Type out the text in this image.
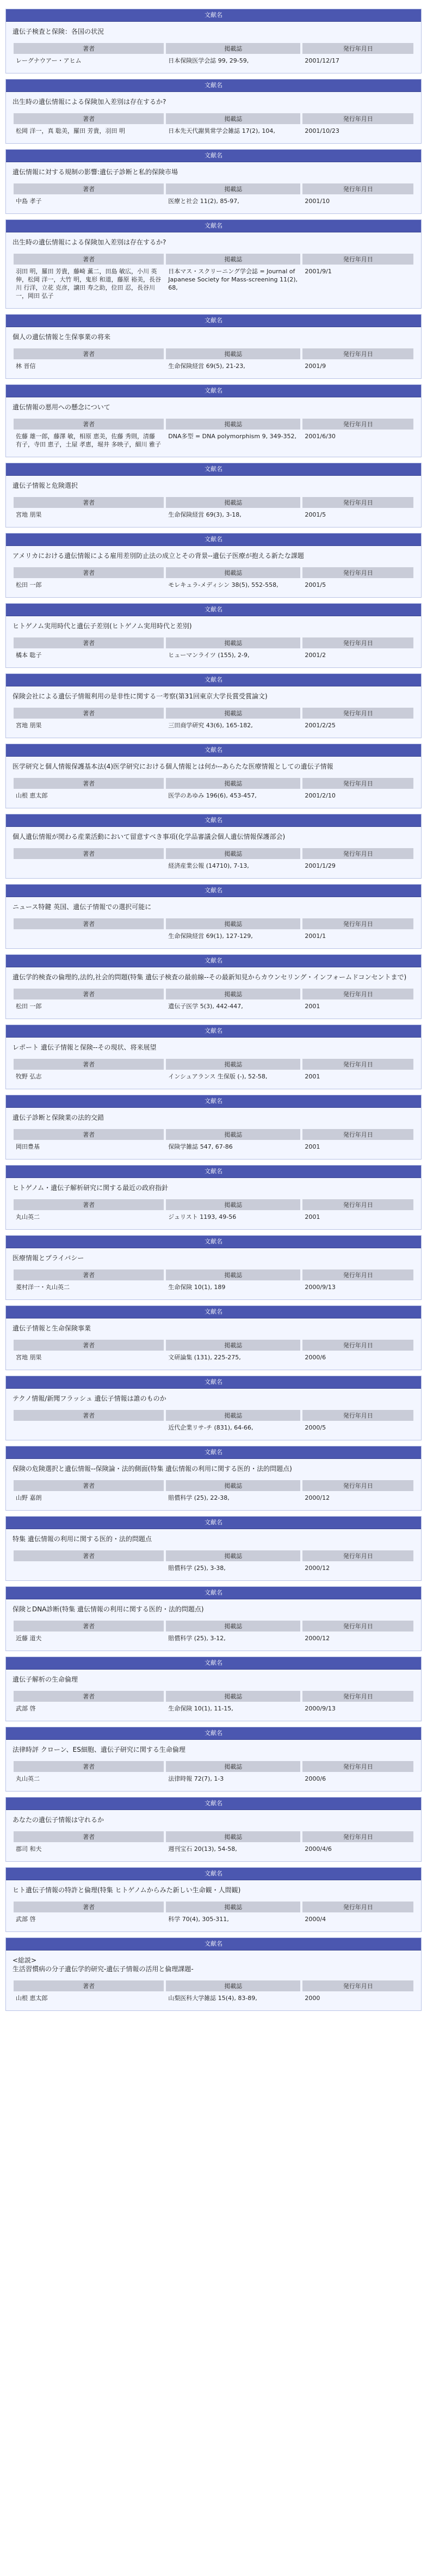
文献名
遺伝子検査と保険：各国の状況
著者	掲載誌	発行年月日
レーグナウアー・アヒム	日本保険医学会誌 99, 29-59,	2001/12/17
文献名
出生時の遺伝情報による保険加入差別は存在するか?
著者	掲載誌	発行年月日
松岡 洋一，真 聡美，羅田 芳貴，羽田 明	日本先天代謝異常学会雑誌 17(2), 104,	2001/10/23
文献名
遺伝情報に対する規制の影響:遺伝子診断と私的保険市場
著者	掲載誌	発行年月日
中島 孝子	医療と社会 11(2), 85-97,	2001/10
文献名
出生時の遺伝情報による保険加入差別は存在するか?
著者	掲載誌	発行年月日
羽田 明，羅田 芳貴，藤崎 薫二，田島 敏広，小川 英伸，松岡 洋一，大竹 明，鬼形 和道，藤原 裕美，長谷川 行洋，立花 克彦，譲田 寿之助，位田 忍，長谷川 一，岡田 弘子	日本マス・スクリーニング学会誌 = Journal of Japanese Society for Mass-screening 11(2), 68,	2001/9/1
文献名
個人の遺伝情報と生保事業の将来
著者	掲載誌	発行年月日
林 晋信	生命保険経営 69(5), 21-23,	2001/9
文献名
遺伝情報の悪用への懸念について
著者	掲載誌	発行年月日
佐藤 雄一郎，藤澤 敏，相原 恵美，佐藤 秀則，清藤 有子，寺田 恵子，土屋 孝恵，堀井 多映子，細川 雅子	DNA多型 = DNA polymorphism 9, 349-352,	2001/6/30
文献名
遺伝子情報と危険選択
著者	掲載誌	発行年月日
宮地 朋果	生命保険経営 69(3), 3-18,	2001/5
文献名
アメリカにおける遺伝情報による雇用差別防止法の成立とその背景--遺伝子医療が抱える新たな課題
著者	掲載誌	発行年月日
松田 一郎	モレキュラ-メディシン 38(5), 552-558,	2001/5
文献名
ヒトゲノム実用時代と遺伝子差別(ヒトゲノム実用時代と差別)
著者	掲載誌	発行年月日
橘本 聡子	ヒューマンライツ (155), 2-9,	2001/2
文献名
保険会社による遺伝子情報利用の是非性に関する一考察(第31回東京大学長賞受賞論文)
著者	掲載誌	発行年月日
宮地 朋果	三田商学研究 43(6), 165-182,	2001/2/25
文献名
医学研究と個人情報保護基本法(4)医学研究における個人情報とは何か--あらたな医療情報としての遺伝子情報
著者	掲載誌	発行年月日
山根 恵太郎	医学のあゆみ 196(6), 453-457,	2001/2/10
文献名
個人遺伝情報が関わる産業活動において留意すべき事項(化学品審議会個人遺伝情報保護部会)
著者	掲載誌	発行年月日
	経済産業公報 (14710), 7-13,	2001/1/29
文献名
ニュース特鍵 英国、遺伝子情報での選択可能に
著者	掲載誌	発行年月日
	生命保険経営 69(1), 127-129,	2001/1
文献名
遺伝学的検査の倫理的,法的,社会的問題(特集 遺伝子検査の最前線--その最新知見からカウンセリング・インフォームドコンセントまで)
著者	掲載誌	発行年月日
松田 一郎	遺伝子医学 5(3), 442-447,	2001
文献名
レポート 遺伝子情報と保険--その現状、将来展望
著者	掲載誌	発行年月日
牧野 弘志	インシュアランス 生保版 (-), 52-58,	2001
文献名
遺伝子診断と保険業の法的交錯
著者	掲載誌	発行年月日
岡田豊基	保険学雑誌 547, 67-86	2001
文献名
ヒトゲノム・遺伝子解析研究に関する最近の政府指針
著者	掲載誌	発行年月日
丸山英二	ジュリスト 1193, 49-56	2001
文献名
医療情報とプライバシー
著者	掲載誌	発行年月日
菱村洋一・丸山英二	生命保険 10(1), 189	2000/9/13
文献名
遺伝子情報と生命保険事業
著者	掲載誌	発行年月日
宮地 朋果	文研論集 (131), 225-275,	2000/6
文献名
テクノ情報/新聞フラッシュ 遺伝子情報は誰のものか
著者	掲載誌	発行年月日
	近代企業リサ-チ (831), 64-66,	2000/5
文献名
保険の危険選択と遺伝情報--保険論・法的側面(特集 遺伝情報の利用に関する医的・法的問題点)
著者	掲載誌	発行年月日
山野 嘉朗	賠償科学 (25), 22-38,	2000/12
文献名
特集 遺伝情報の利用に関する医的・法的問題点
著者	掲載誌	発行年月日
	賠償科学 (25), 3-38,	2000/12
文献名
保険とDNA診断(特集 遺伝情報の利用に関する医的・法的問題点)
著者	掲載誌	発行年月日
近藤 道夫	賠償科学 (25), 3-12,	2000/12
文献名
遺伝子解析の生命倫理
著者	掲載誌	発行年月日
武部 啓	生命保険 10(1), 11-15,	2000/9/13
文献名
法律時評 クローン、ES細胞、遺伝子研究に関する生命倫理
著者	掲載誌	発行年月日
丸山英二	法律時報 72(7), 1-3	2000/6
文献名
あなたの遺伝子情報は守れるか
著者	掲載誌	発行年月日
郡司 和夫	週刊宝石 20(13), 54-58,	2000/4/6
文献名
ヒト遺伝子情報の特許と倫理(特集 ヒトゲノムからみた新しい生命観・人間観)
著者	掲載誌	発行年月日
武部 啓	科学 70(4), 305-311,	2000/4
文献名
<総説>
生活習慣病の分子遺伝学的研究-遺伝子情報の活用と倫理課題-
著者	掲載誌	発行年月日
山根 恵太郎	山梨医科大学雑誌 15(4), 83-89,	2000
